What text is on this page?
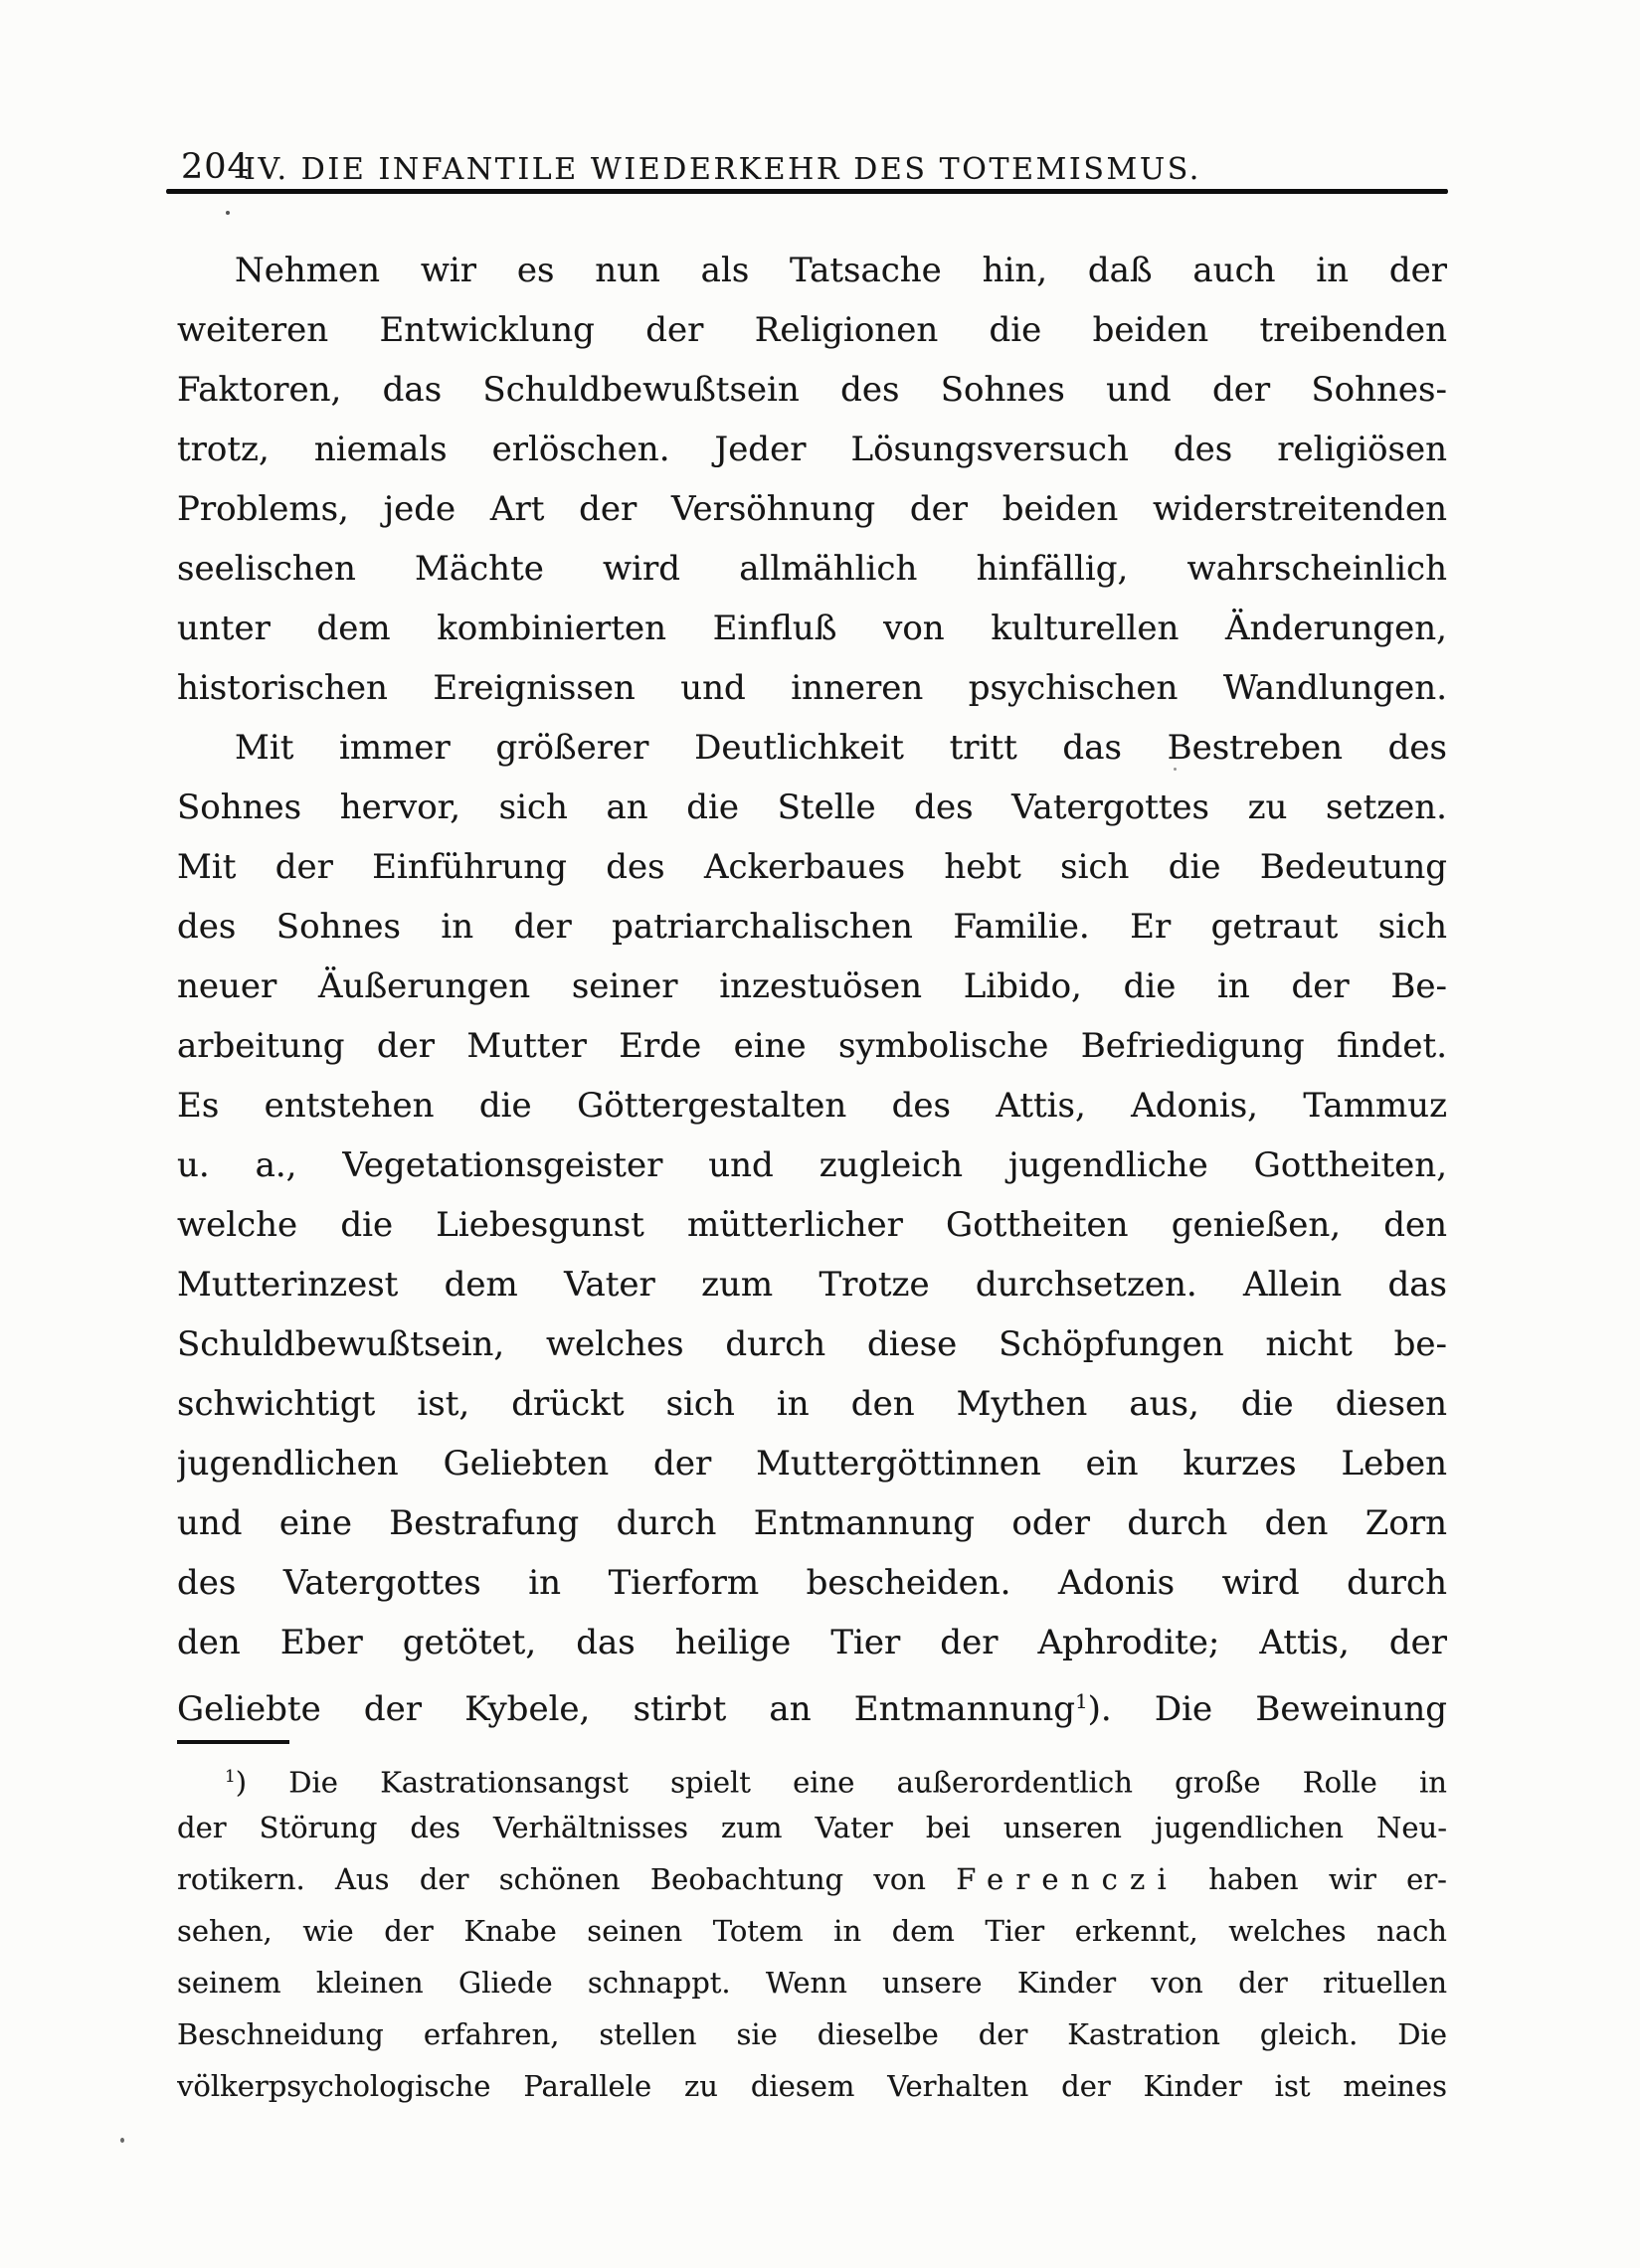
204
IV. DIE INFANTILE WIEDERKEHR DES TOTEMISMUS.
Nehmen wir es nun als Tatsache hin, daß auch in der
weiteren Entwicklung der Religionen die beiden treibenden
Faktoren, das Schuldbewußtsein des Sohnes und der Sohnes-
trotz, niemals erlöschen. Jeder Lösungsversuch des religiösen
Problems, jede Art der Versöhnung der beiden widerstreitenden
seelischen Mächte wird allmählich hinfällig, wahrscheinlich
unter dem kombinierten Einfluß von kulturellen Änderungen,
historischen Ereignissen und inneren psychischen Wandlungen.
Mit immer größerer Deutlichkeit tritt das Bestreben des
Sohnes hervor, sich an die Stelle des Vatergottes zu setzen.
Mit der Einführung des Ackerbaues hebt sich die Bedeutung
des Sohnes in der patriarchalischen Familie. Er getraut sich
neuer Äußerungen seiner inzestuösen Libido, die in der Be-
arbeitung der Mutter Erde eine symbolische Befriedigung findet.
Es entstehen die Göttergestalten des Attis, Adonis, Tammuz
u. a., Vegetationsgeister und zugleich jugendliche Gottheiten,
welche die Liebesgunst mütterlicher Gottheiten genießen, den
Mutterinzest dem Vater zum Trotze durchsetzen. Allein das
Schuldbewußtsein, welches durch diese Schöpfungen nicht be-
schwichtigt ist, drückt sich in den Mythen aus, die diesen
jugendlichen Geliebten der Muttergöttinnen ein kurzes Leben
und eine Bestrafung durch Entmannung oder durch den Zorn
des Vatergottes in Tierform bescheiden. Adonis wird durch
den Eber getötet, das heilige Tier der Aphrodite; Attis, der
Geliebte der Kybele, stirbt an Entmannung$^1$). Die Beweinung
$^1$) Die Kastrationsangst spielt eine außerordentlich große Rolle in
der Störung des Verhältnisses zum Vater bei unseren jugendlichen Neu-
rotikern. Aus der schönen Beobachtung von Ferenczi haben wir er-
sehen, wie der Knabe seinen Totem in dem Tier erkennt, welches nach
seinem kleinen Gliede schnappt. Wenn unsere Kinder von der rituellen
Beschneidung erfahren, stellen sie dieselbe der Kastration gleich. Die
völkerpsychologische Parallele zu diesem Verhalten der Kinder ist meines
